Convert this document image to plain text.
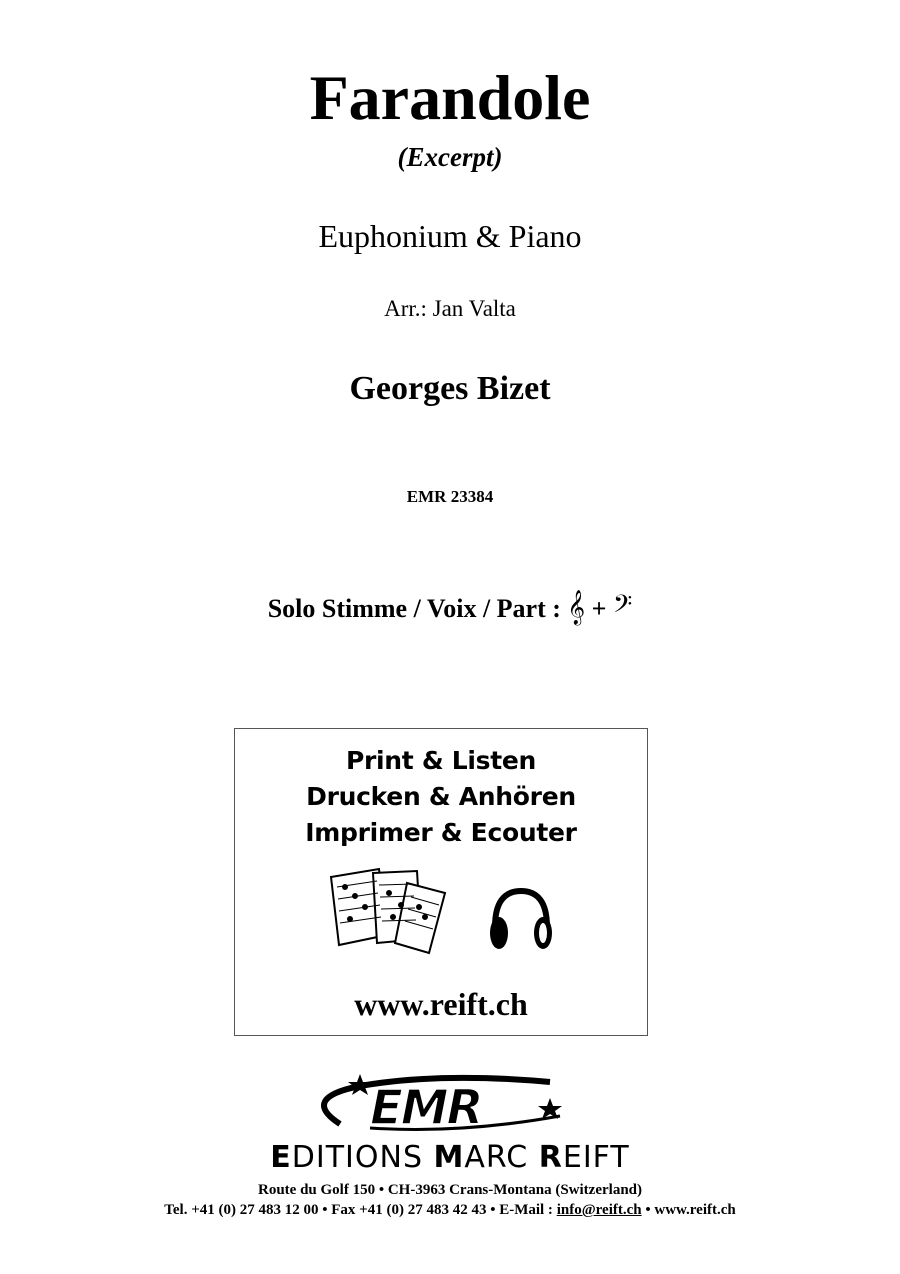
Farandole
(Excerpt)
Euphonium & Piano
Arr.: Jan Valta
Georges Bizet
EMR 23384
Solo Stimme / Voix / Part : 𝄞 + 𝄢
Print & Listen
Drucken & Anhören
Imprimer & Ecouter
www.reift.ch
EMR
EDITIONS MARC REIFT
Route du Golf 150 • CH-3963 Crans-Montana (Switzerland)
Tel. +41 (0) 27 483 12 00 • Fax +41 (0) 27 483 42 43 • E-Mail : info@reift.ch • www.reift.ch
